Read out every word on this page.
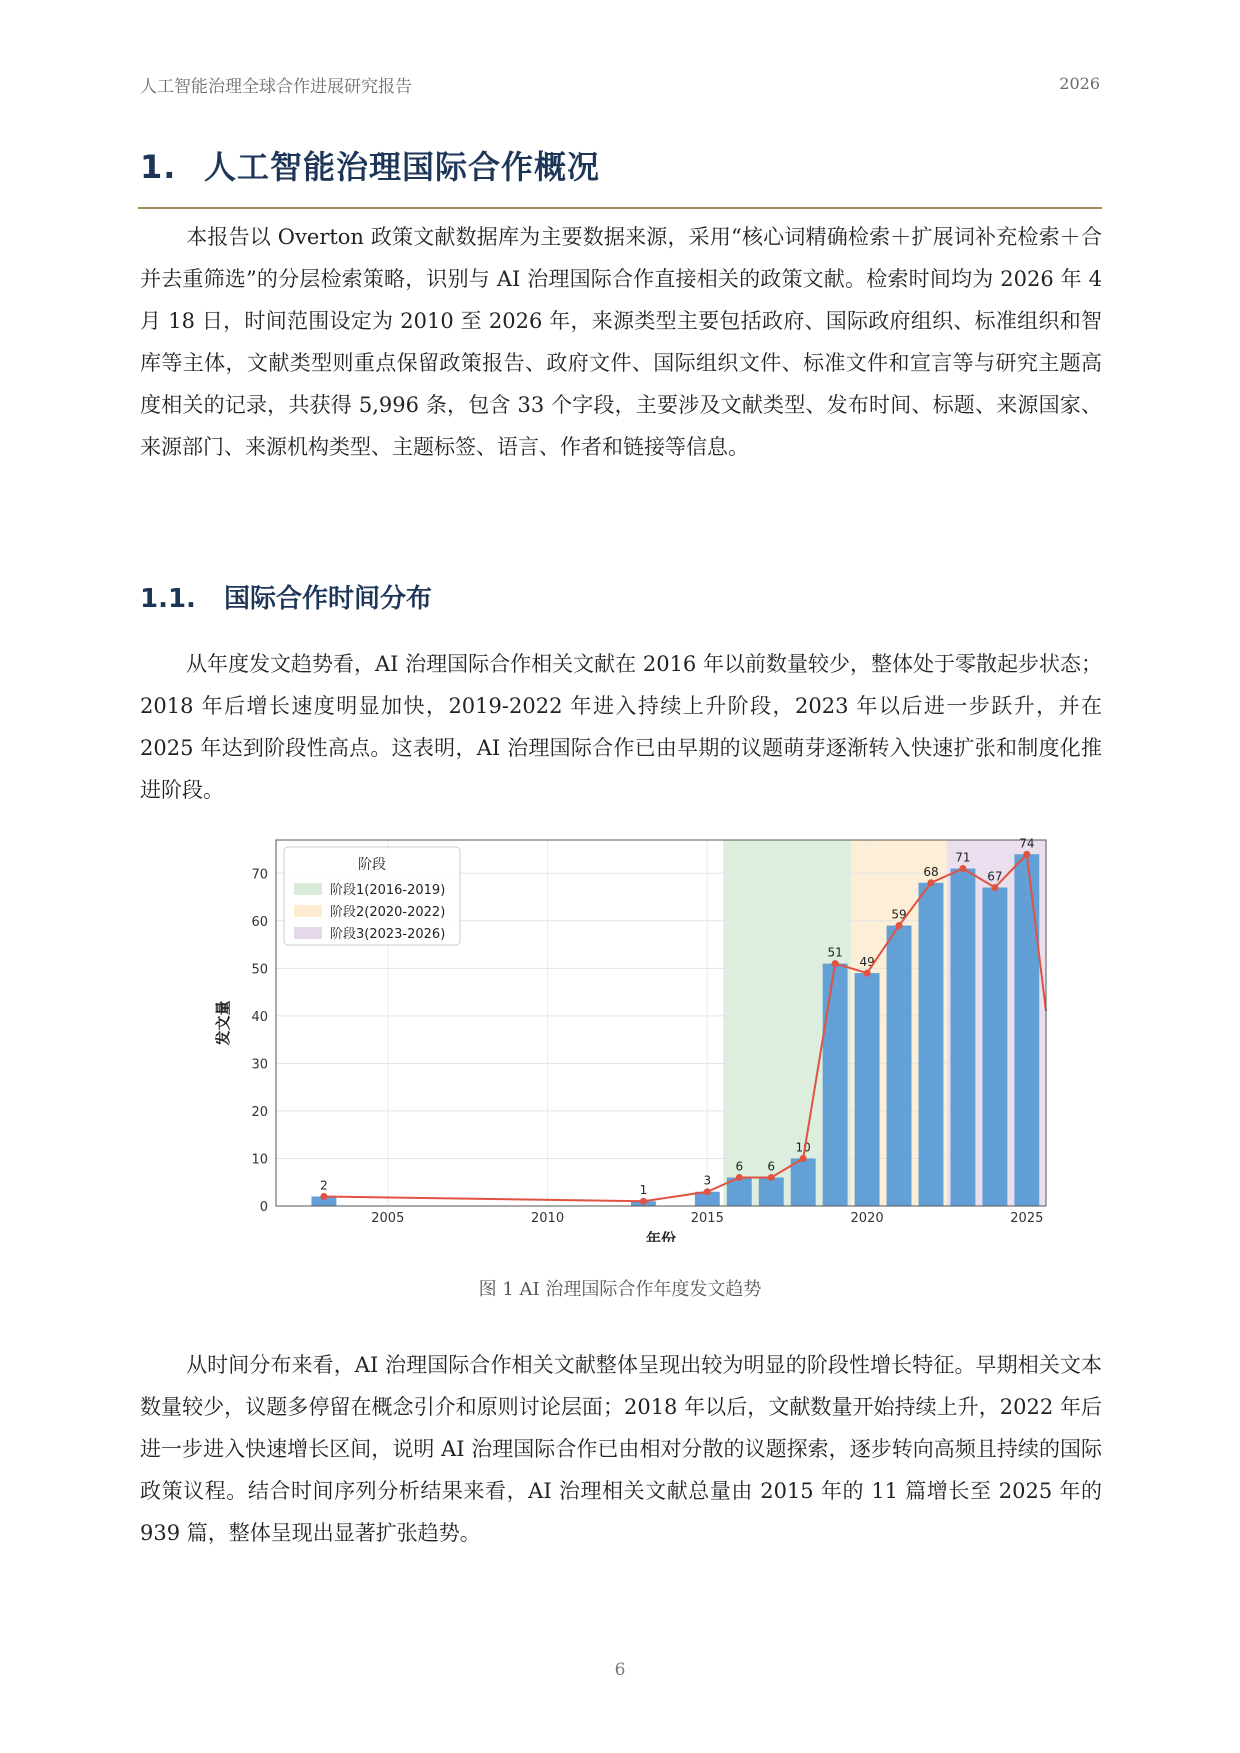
人工智能治理全球合作进展研究报告	2026
1. 人工智能治理国际合作概况

本报告以 Overton 政策文献数据库为主要数据来源，采用“核心词精确检索＋扩展词补充检索＋合并去重筛选”的分层检索策略，识别与 AI 治理国际合作直接相关的政策文献。检索时间均为 2026 年 4 月 18 日，时间范围设定为 2010 至 2026 年，来源类型主要包括政府、国际政府组织、标准组织和智库等主体，文献类型则重点保留政策报告、政府文件、国际组织文件、标准文件和宣言等与研究主题高度相关的记录，共获得 5,996 条，包含 33 个字段，主要涉及文献类型、发布时间、标题、来源国家、来源部门、来源机构类型、主题标签、语言、作者和链接等信息。

1.1. 国际合作时间分布

从年度发文趋势看，AI 治理国际合作相关文献在 2016 年以前数量较少，整体处于零散起步状态；2018 年后增长速度明显加快，2019-2022 年进入持续上升阶段，2023 年以后进一步跃升，并在 2025 年达到阶段性高点。这表明，AI 治理国际合作已由早期的议题萌芽逐渐转入快速扩张和制度化推进阶段。

0
10
20
30
40
50
60
70
2005	2010	2015	2020	2025
2	1
3
6 6
10
51
49
59
68
71
67
74
年份
发文量
阶段
阶段1(2016-2019)
阶段2(2020-2022)
阶段3(2023-2026)
图 1 AI 治理国际合作年度发文趋势

从时间分布来看，AI 治理国际合作相关文献整体呈现出较为明显的阶段性增长特征。早期相关文本数量较少，议题多停留在概念引介和原则讨论层面；2018 年以后，文献数量开始持续上升，2022 年后进一步进入快速增长区间，说明 AI 治理国际合作已由相对分散的议题探索，逐步转向高频且持续的国际政策议程。结合时间序列分析结果来看，AI 治理相关文献总量由 2015 年的 11 篇增长至 2025 年的 939 篇，整体呈现出显著扩张趋势。

6
